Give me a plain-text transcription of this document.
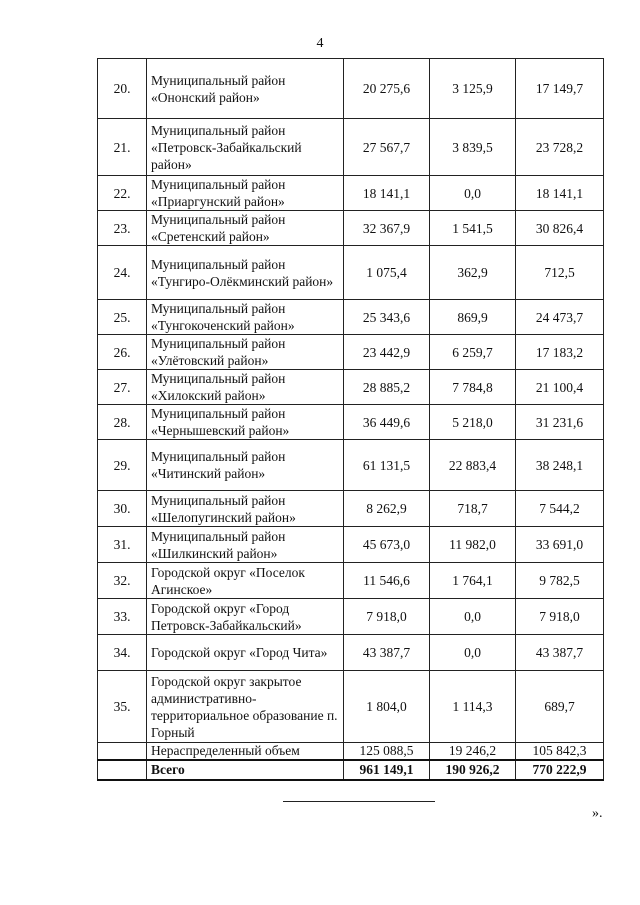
4
20.	Муниципальный район «Ононский район»	20 275,6	3 125,9	17 149,7
21.	Муниципальный район «Петровск-Забайкальский район»	27 567,7	3 839,5	23 728,2
22.	Муниципальный район «Приаргунский район»	18 141,1	0,0	18 141,1
23.	Муниципальный район «Сретенский район»	32 367,9	1 541,5	30 826,4
24.	Муниципальный район «Тунгиро-Олёкминский район»	1 075,4	362,9	712,5
25.	Муниципальный район «Тунгокоченский район»	25 343,6	869,9	24 473,7
26.	Муниципальный район «Улётовский район»	23 442,9	6 259,7	17 183,2
27.	Муниципальный район «Хилокский район»	28 885,2	7 784,8	21 100,4
28.	Муниципальный район «Чернышевский район»	36 449,6	5 218,0	31 231,6
29.	Муниципальный район «Читинский район»	61 131,5	22 883,4	38 248,1
30.	Муниципальный район «Шелопугинский район»	8 262,9	718,7	7 544,2
31.	Муниципальный район «Шилкинский район»	45 673,0	11 982,0	33 691,0
32.	Городской округ «Поселок Агинское»	11 546,6	1 764,1	9 782,5
33.	Городской округ «Город Петровск-Забайкальский»	7 918,0	0,0	7 918,0
34.	Городской округ «Город Чита»	43 387,7	0,0	43 387,7
35.	Городской округ закрытое административно-территориальное образование п. Горный	1 804,0	1 114,3	689,7
	Нераспределенный объем	125 088,5	19 246,2	105 842,3
	Всего	961 149,1	190 926,2	770 222,9
».
